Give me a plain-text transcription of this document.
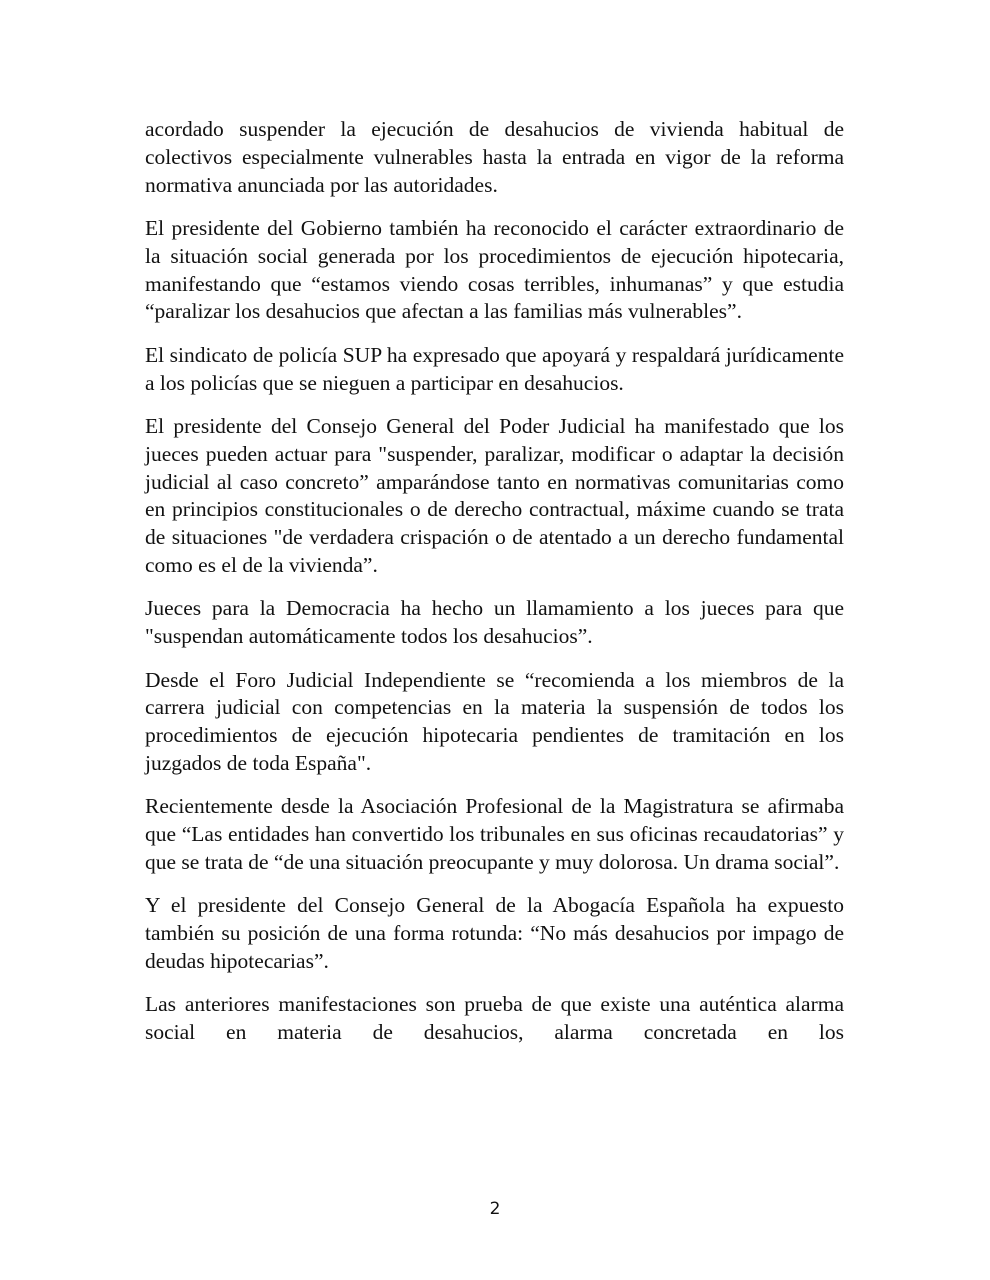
acordado suspender la ejecución de desahucios de vivienda habitual de colectivos especialmente vulnerables hasta la entrada en vigor de la reforma normativa anunciada por las autoridades.

El presidente del Gobierno también ha reconocido el carácter extraordinario de la situación social generada por los procedimientos de ejecución hipotecaria, manifestando que “estamos viendo cosas terribles, inhumanas” y que estudia “paralizar los desahucios que afectan a las familias más vulnerables”.

El sindicato de policía SUP ha expresado que apoyará y respaldará jurídicamente a los policías que se nieguen a participar en desahucios.

El presidente del Consejo General del Poder Judicial ha manifestado que los jueces pueden actuar para "suspender, paralizar, modificar o adaptar la decisión judicial al caso concreto” amparándose tanto en normativas comunitarias como en principios constitucionales o de derecho contractual, máxime cuando se trata de situaciones "de verdadera crispación o de atentado a un derecho fundamental como es el de la vivienda”.

Jueces para la Democracia ha hecho un llamamiento a los jueces para que "suspendan automáticamente todos los desahucios”.

Desde el Foro Judicial Independiente se “recomienda a los miembros de la carrera judicial con competencias en la materia la suspensión de todos los procedimientos de ejecución hipotecaria pendientes de tramitación en los juzgados de toda España".

Recientemente desde la Asociación Profesional de la Magistratura se afirmaba que “Las entidades han convertido los tribunales en sus oficinas recaudatorias” y que se trata de “de una situación preocupante y muy dolorosa. Un drama social”.

Y el presidente del Consejo General de la Abogacía Española ha expuesto también su posición de una forma rotunda: “No más desahucios por impago de deudas hipotecarias”.

Las anteriores manifestaciones son prueba de que existe una auténtica alarma social en materia de desahucios, alarma concretada en los

2
